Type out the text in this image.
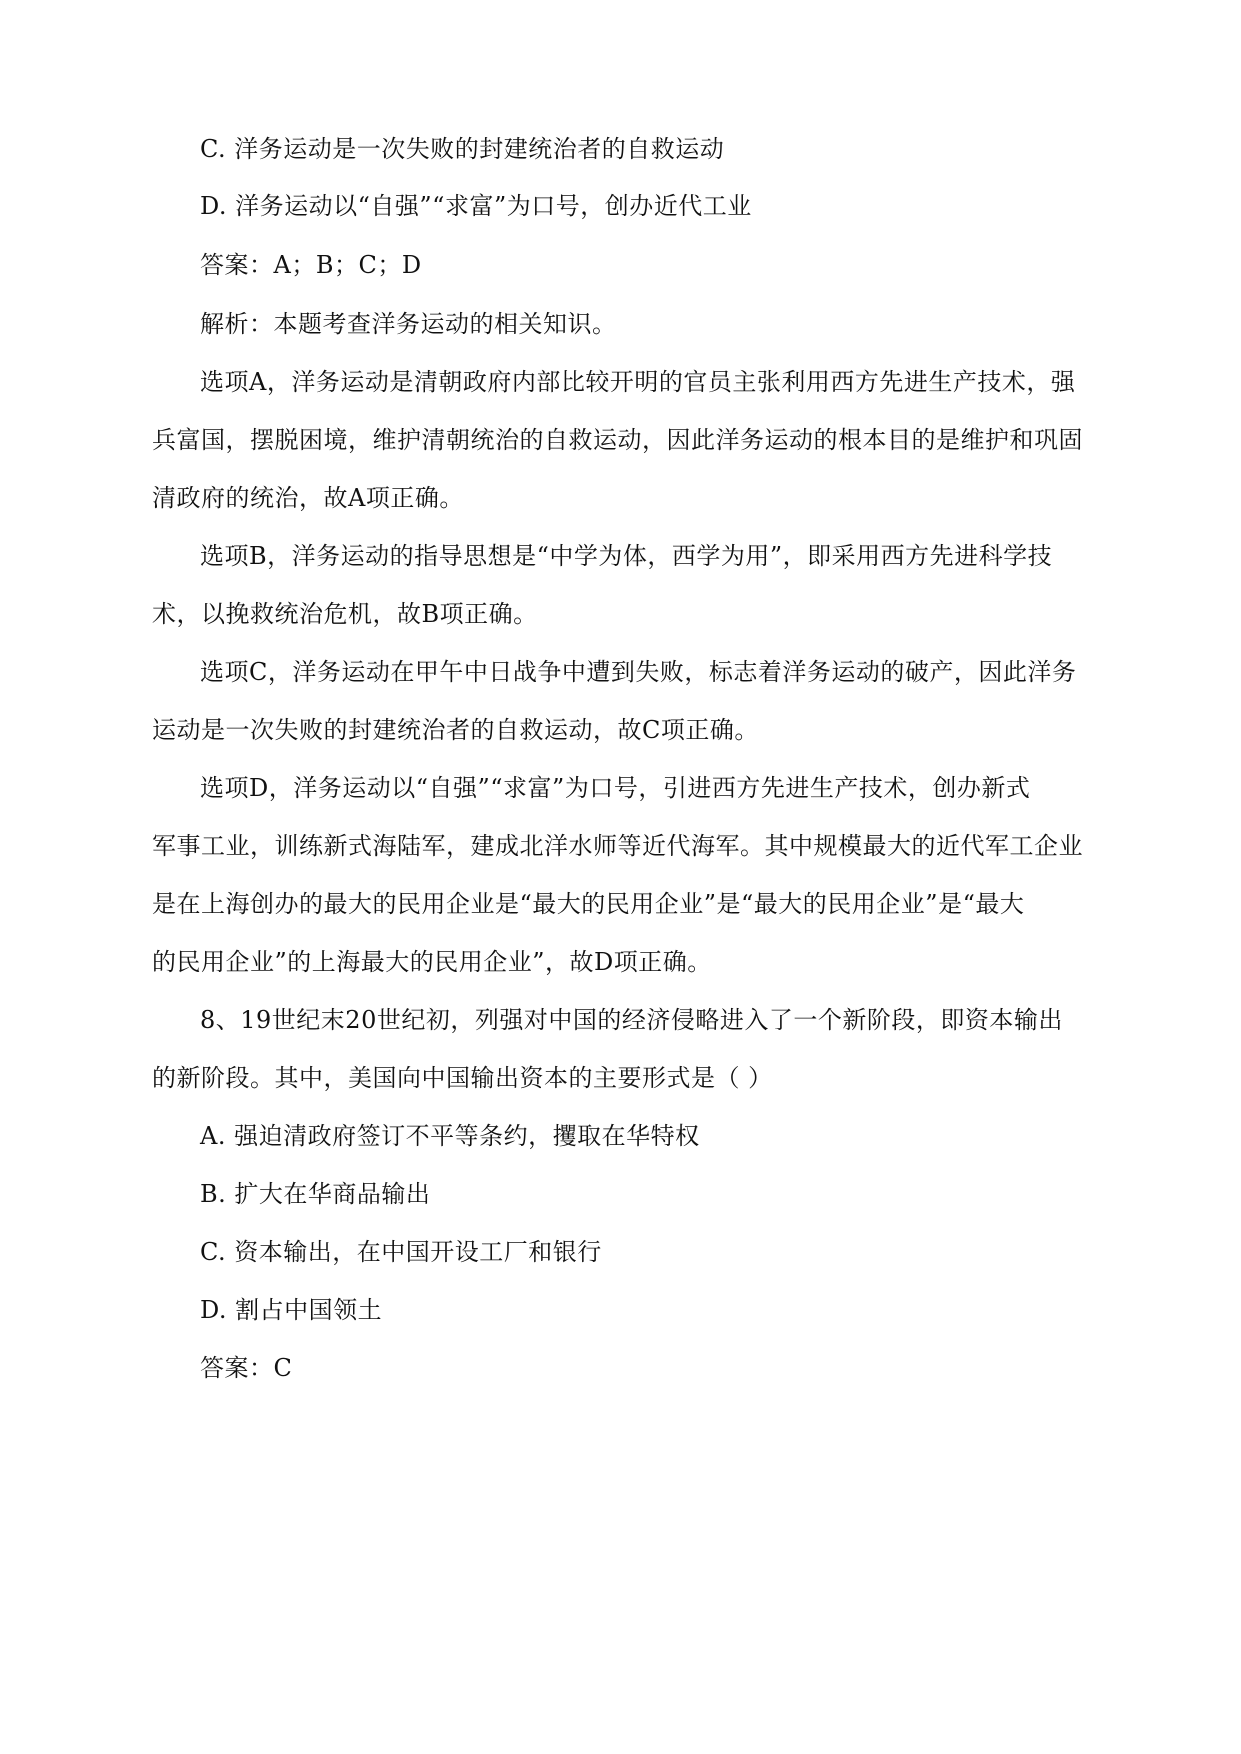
C. 洋务运动是一次失败的封建统治者的自救运动
D. 洋务运动以“自强”“求富”为口号，创办近代工业
答案：A；B；C；D
解析：本题考查洋务运动的相关知识。
选项A，洋务运动是清朝政府内部比较开明的官员主张利用西方先进生产技术，强
兵富国，摆脱困境，维护清朝统治的自救运动，因此洋务运动的根本目的是维护和巩固
清政府的统治，故A项正确。
选项B，洋务运动的指导思想是“中学为体，西学为用”，即采用西方先进科学技
术，以挽救统治危机，故B项正确。
选项C，洋务运动在甲午中日战争中遭到失败，标志着洋务运动的破产，因此洋务
运动是一次失败的封建统治者的自救运动，故C项正确。
选项D，洋务运动以“自强”“求富”为口号，引进西方先进生产技术，创办新式
军事工业，训练新式海陆军，建成北洋水师等近代海军。其中规模最大的近代军工企业
是在上海创办的最大的民用企业是“最大的民用企业”是“最大的民用企业”是“最大
的民用企业”的上海最大的民用企业”，故D项正确。
8、19世纪末20世纪初，列强对中国的经济侵略进入了一个新阶段，即资本输出
的新阶段。其中，美国向中国输出资本的主要形式是（ ）
A. 强迫清政府签订不平等条约，攫取在华特权
B. 扩大在华商品输出
C. 资本输出，在中国开设工厂和银行
D. 割占中国领土
答案：C
